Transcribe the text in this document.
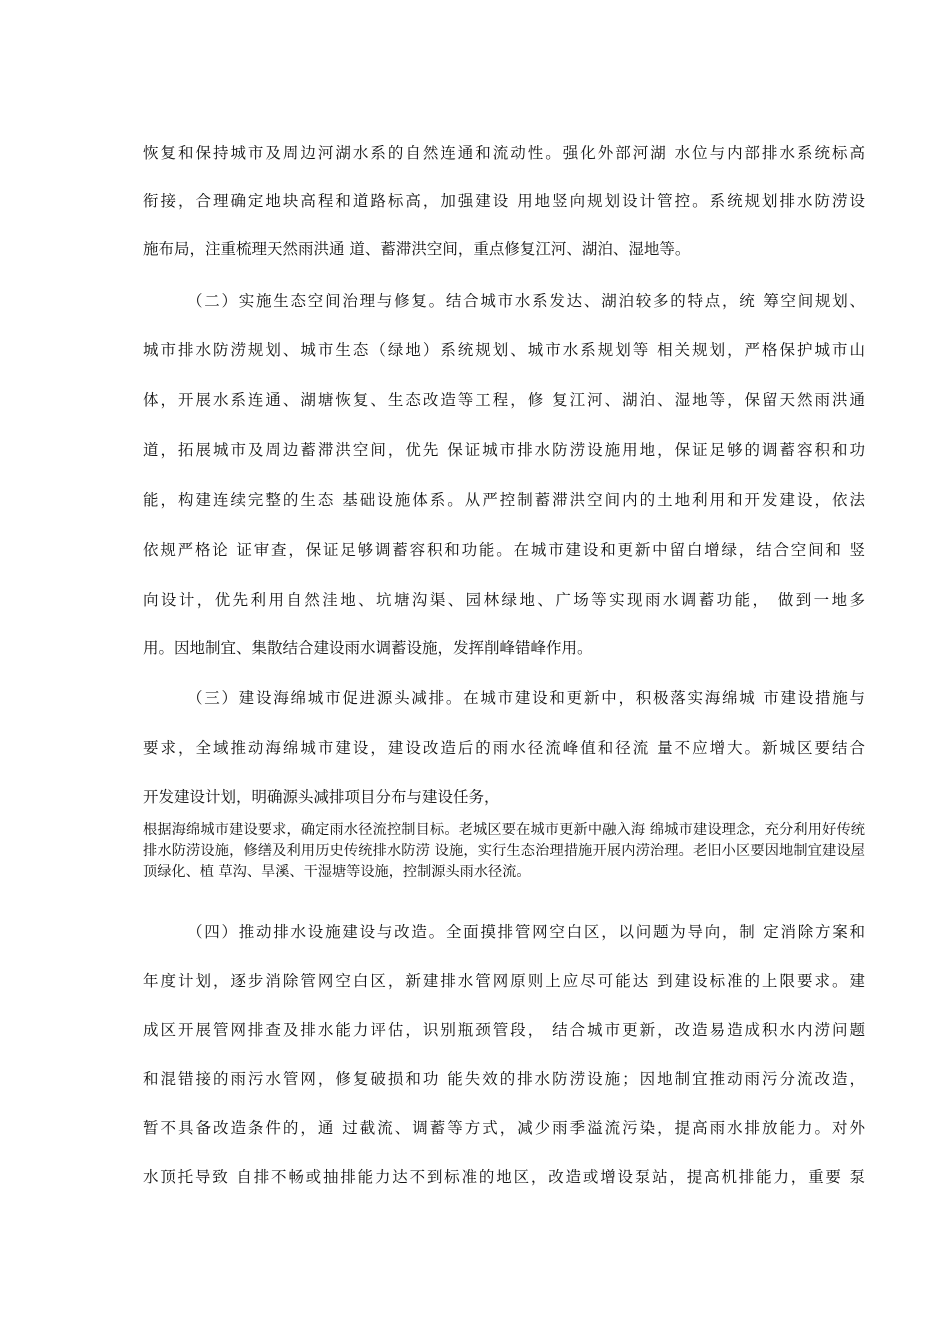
恢复和保持城市及周边河湖水系的自然连通和流动性。强化外部河湖 水位与内部排水系统标高
衔接，合理确定地块高程和道路标高，加强建设 用地竖向规划设计管控。系统规划排水防涝设
施布局，注重梳理天然雨洪通 道、蓄滞洪空间，重点修复江河、湖泊、湿地等。
（二）实施生态空间治理与修复。结合城市水系发达、湖泊较多的特点，统 筹空间规划、
城市排水防涝规划、城市生态（绿地）系统规划、城市水系规划等 相关规划，严格保护城市山
体，开展水系连通、湖塘恢复、生态改造等工程，修 复江河、湖泊、湿地等，保留天然雨洪通
道，拓展城市及周边蓄滞洪空间，优先 保证城市排水防涝设施用地，保证足够的调蓄容积和功
能，构建连续完整的生态 基础设施体系。从严控制蓄滞洪空间内的土地利用和开发建设，依法
依规严格论 证审查，保证足够调蓄容积和功能。在城市建设和更新中留白增绿，结合空间和 竖
向设计，优先利用自然洼地、坑塘沟渠、园林绿地、广场等实现雨水调蓄功能， 做到一地多
用。因地制宜、集散结合建设雨水调蓄设施，发挥削峰错峰作用。
（三）建设海绵城市促进源头减排。在城市建设和更新中，积极落实海绵城 市建设措施与
要求，全域推动海绵城市建设，建设改造后的雨水径流峰值和径流 量不应增大。新城区要结合
开发建设计划，明确源头减排项目分布与建设任务，
根据海绵城市建设要求，确定雨水径流控制目标。老城区要在城市更新中融入海 绵城市建设理念，充分利用好传统排水防涝设施，修缮及利用历史传统排水防涝 设施，实行生态治理措施开展内涝治理。老旧小区要因地制宜建设屋顶绿化、植 草沟、旱溪、干湿塘等设施，控制源头雨水径流。
（四）推动排水设施建设与改造。全面摸排管网空白区，以问题为导向，制 定消除方案和
年度计划，逐步消除管网空白区，新建排水管网原则上应尽可能达 到建设标准的上限要求。建
成区开展管网排查及排水能力评估，识别瓶颈管段， 结合城市更新，改造易造成积水内涝问题
和混错接的雨污水管网，修复破损和功 能失效的排水防涝设施；因地制宜推动雨污分流改造，
暂不具备改造条件的，通 过截流、调蓄等方式，减少雨季溢流污染，提高雨水排放能力。对外
水顶托导致 自排不畅或抽排能力达不到标准的地区，改造或增设泵站，提高机排能力，重要 泵
